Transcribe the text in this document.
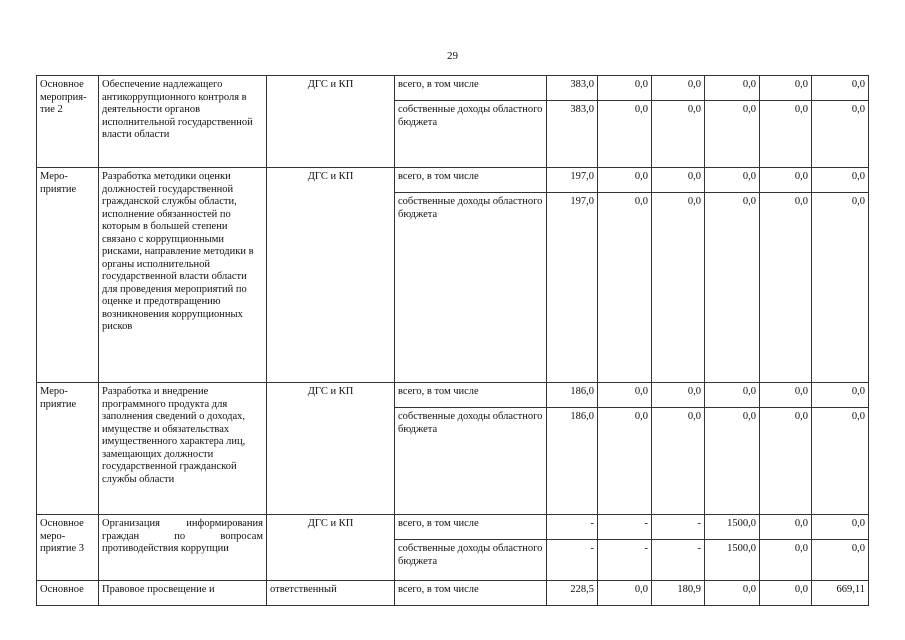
29
Основное мероприя-тие 2	Обеспечение надлежащего антикоррупционного контроля в деятельности органов исполнительной государственной власти области	ДГС и КП	всего, в том числе	383,0	0,0	0,0	0,0	0,0	0,0
			собственные доходы областного бюджета	383,0	0,0	0,0	0,0	0,0	0,0
Меро-приятие	Разработка методики оценки должностей государственной гражданской службы области, исполнение обязанностей по которым в большей степени связано с коррупционными рисками, направление методики в органы исполнительной государственной власти области для проведения мероприятий по оценке и предотвращению возникновения коррупционных рисков	ДГС и КП	всего, в том числе	197,0	0,0	0,0	0,0	0,0	0,0
			собственные доходы областного бюджета	197,0	0,0	0,0	0,0	0,0	0,0
Меро-приятие	Разработка и внедрение программного продукта для заполнения сведений о доходах, имуществе и обязательствах имущественного характера лиц, замещающих должности государственной гражданской службы области	ДГС и КП	всего, в том числе	186,0	0,0	0,0	0,0	0,0	0,0
			собственные доходы областного бюджета	186,0	0,0	0,0	0,0	0,0	0,0
Основное меро-приятие 3	Организация информирования граждан по вопросам противодействия коррупции	ДГС и КП	всего, в том числе	-	-	-	1500,0	0,0	0,0
			собственные доходы областного бюджета	-	-	-	1500,0	0,0	0,0
Основное	Правовое просвещение и	ответственный	всего, в том числе	228,5	0,0	180,9	0,0	0,0	669,11
